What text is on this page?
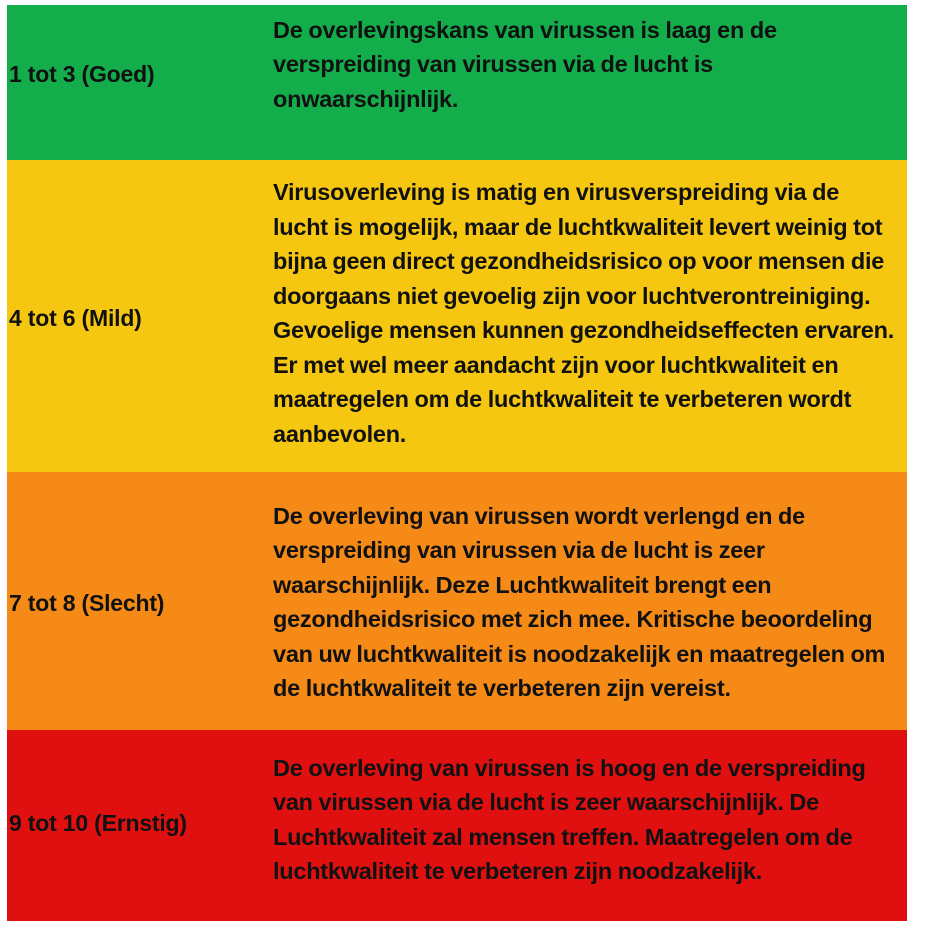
1 tot 3 (Goed)
De overlevingskans van virussen is laag en de verspreiding van virussen via de lucht is onwaarschijnlijk.
4 tot 6 (Mild)
Virusoverleving is matig en virusverspreiding via de lucht is mogelijk, maar de luchtkwaliteit levert weinig tot bijna geen direct gezondheidsrisico op voor mensen die doorgaans niet gevoelig zijn voor luchtverontreiniging. Gevoelige mensen kunnen gezondheidseffecten ervaren. Er met wel meer aandacht zijn voor luchtkwaliteit en maatregelen om de luchtkwaliteit te verbeteren wordt aanbevolen.
7 tot 8 (Slecht)
De overleving van virussen wordt verlengd en de verspreiding van virussen via de lucht is zeer waarschijnlijk. Deze Luchtkwaliteit brengt een gezondheidsrisico met zich mee. Kritische beoordeling van uw luchtkwaliteit is noodzakelijk en maatregelen om de luchtkwaliteit te verbeteren zijn vereist.
9 tot 10 (Ernstig)
De overleving van virussen is hoog en de verspreiding van virussen via de lucht is zeer waarschijnlijk. De Luchtkwaliteit zal mensen treffen. Maatregelen om de luchtkwaliteit te verbeteren zijn noodzakelijk.
